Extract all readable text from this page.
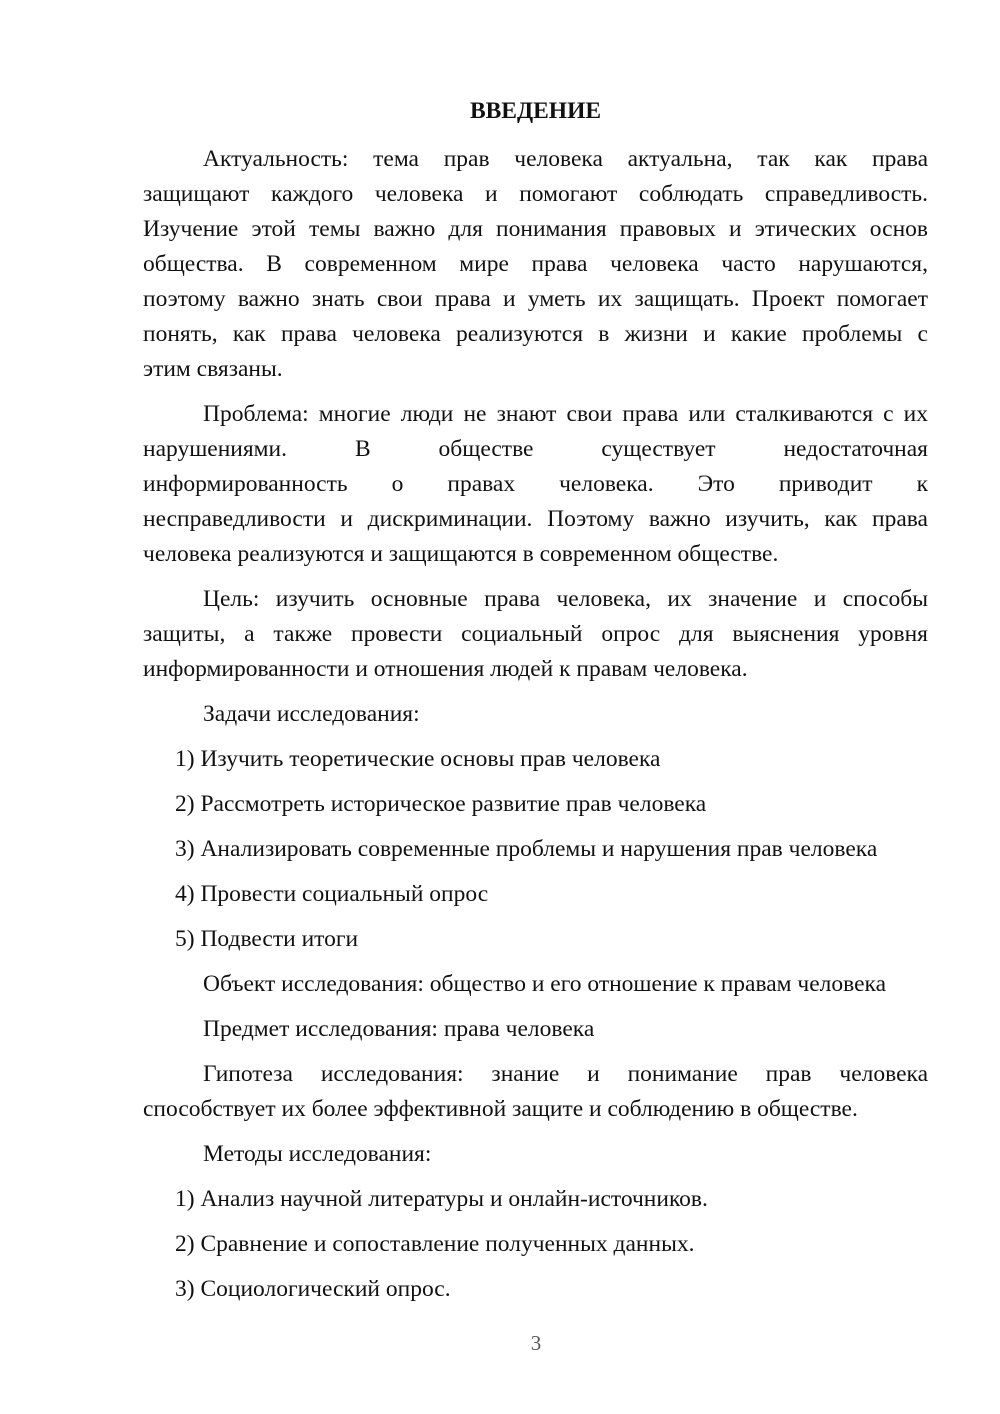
ВВЕДЕНИЕ
Актуальность: тема прав человека актуальна, так как права
защищают каждого человека и помогают соблюдать справедливость.
Изучение этой темы важно для понимания правовых и этических основ
общества. В современном мире права человека часто нарушаются,
поэтому важно знать свои права и уметь их защищать. Проект помогает
понять, как права человека реализуются в жизни и какие проблемы с
этим связаны.
Проблема: многие люди не знают свои права или сталкиваются с их
нарушениями. В обществе существует недостаточная
информированность о правах человека. Это приводит к
несправедливости и дискриминации. Поэтому важно изучить, как права
человека реализуются и защищаются в современном обществе.
Цель: изучить основные права человека, их значение и способы
защиты, а также провести социальный опрос для выяснения уровня
информированности и отношения людей к правам человека.
Задачи исследования:
1) Изучить теоретические основы прав человека
2) Рассмотреть историческое развитие прав человека
3) Анализировать современные проблемы и нарушения прав человека
4) Провести социальный опрос
5) Подвести итоги
Объект исследования: общество и его отношение к правам человека
Предмет исследования: права человека
Гипотеза исследования: знание и понимание прав человека
способствует их более эффективной защите и соблюдению в обществе.
Методы исследования:
1) Анализ научной литературы и онлайн-источников.
2) Сравнение и сопоставление полученных данных.
3) Социологический опрос.
3
